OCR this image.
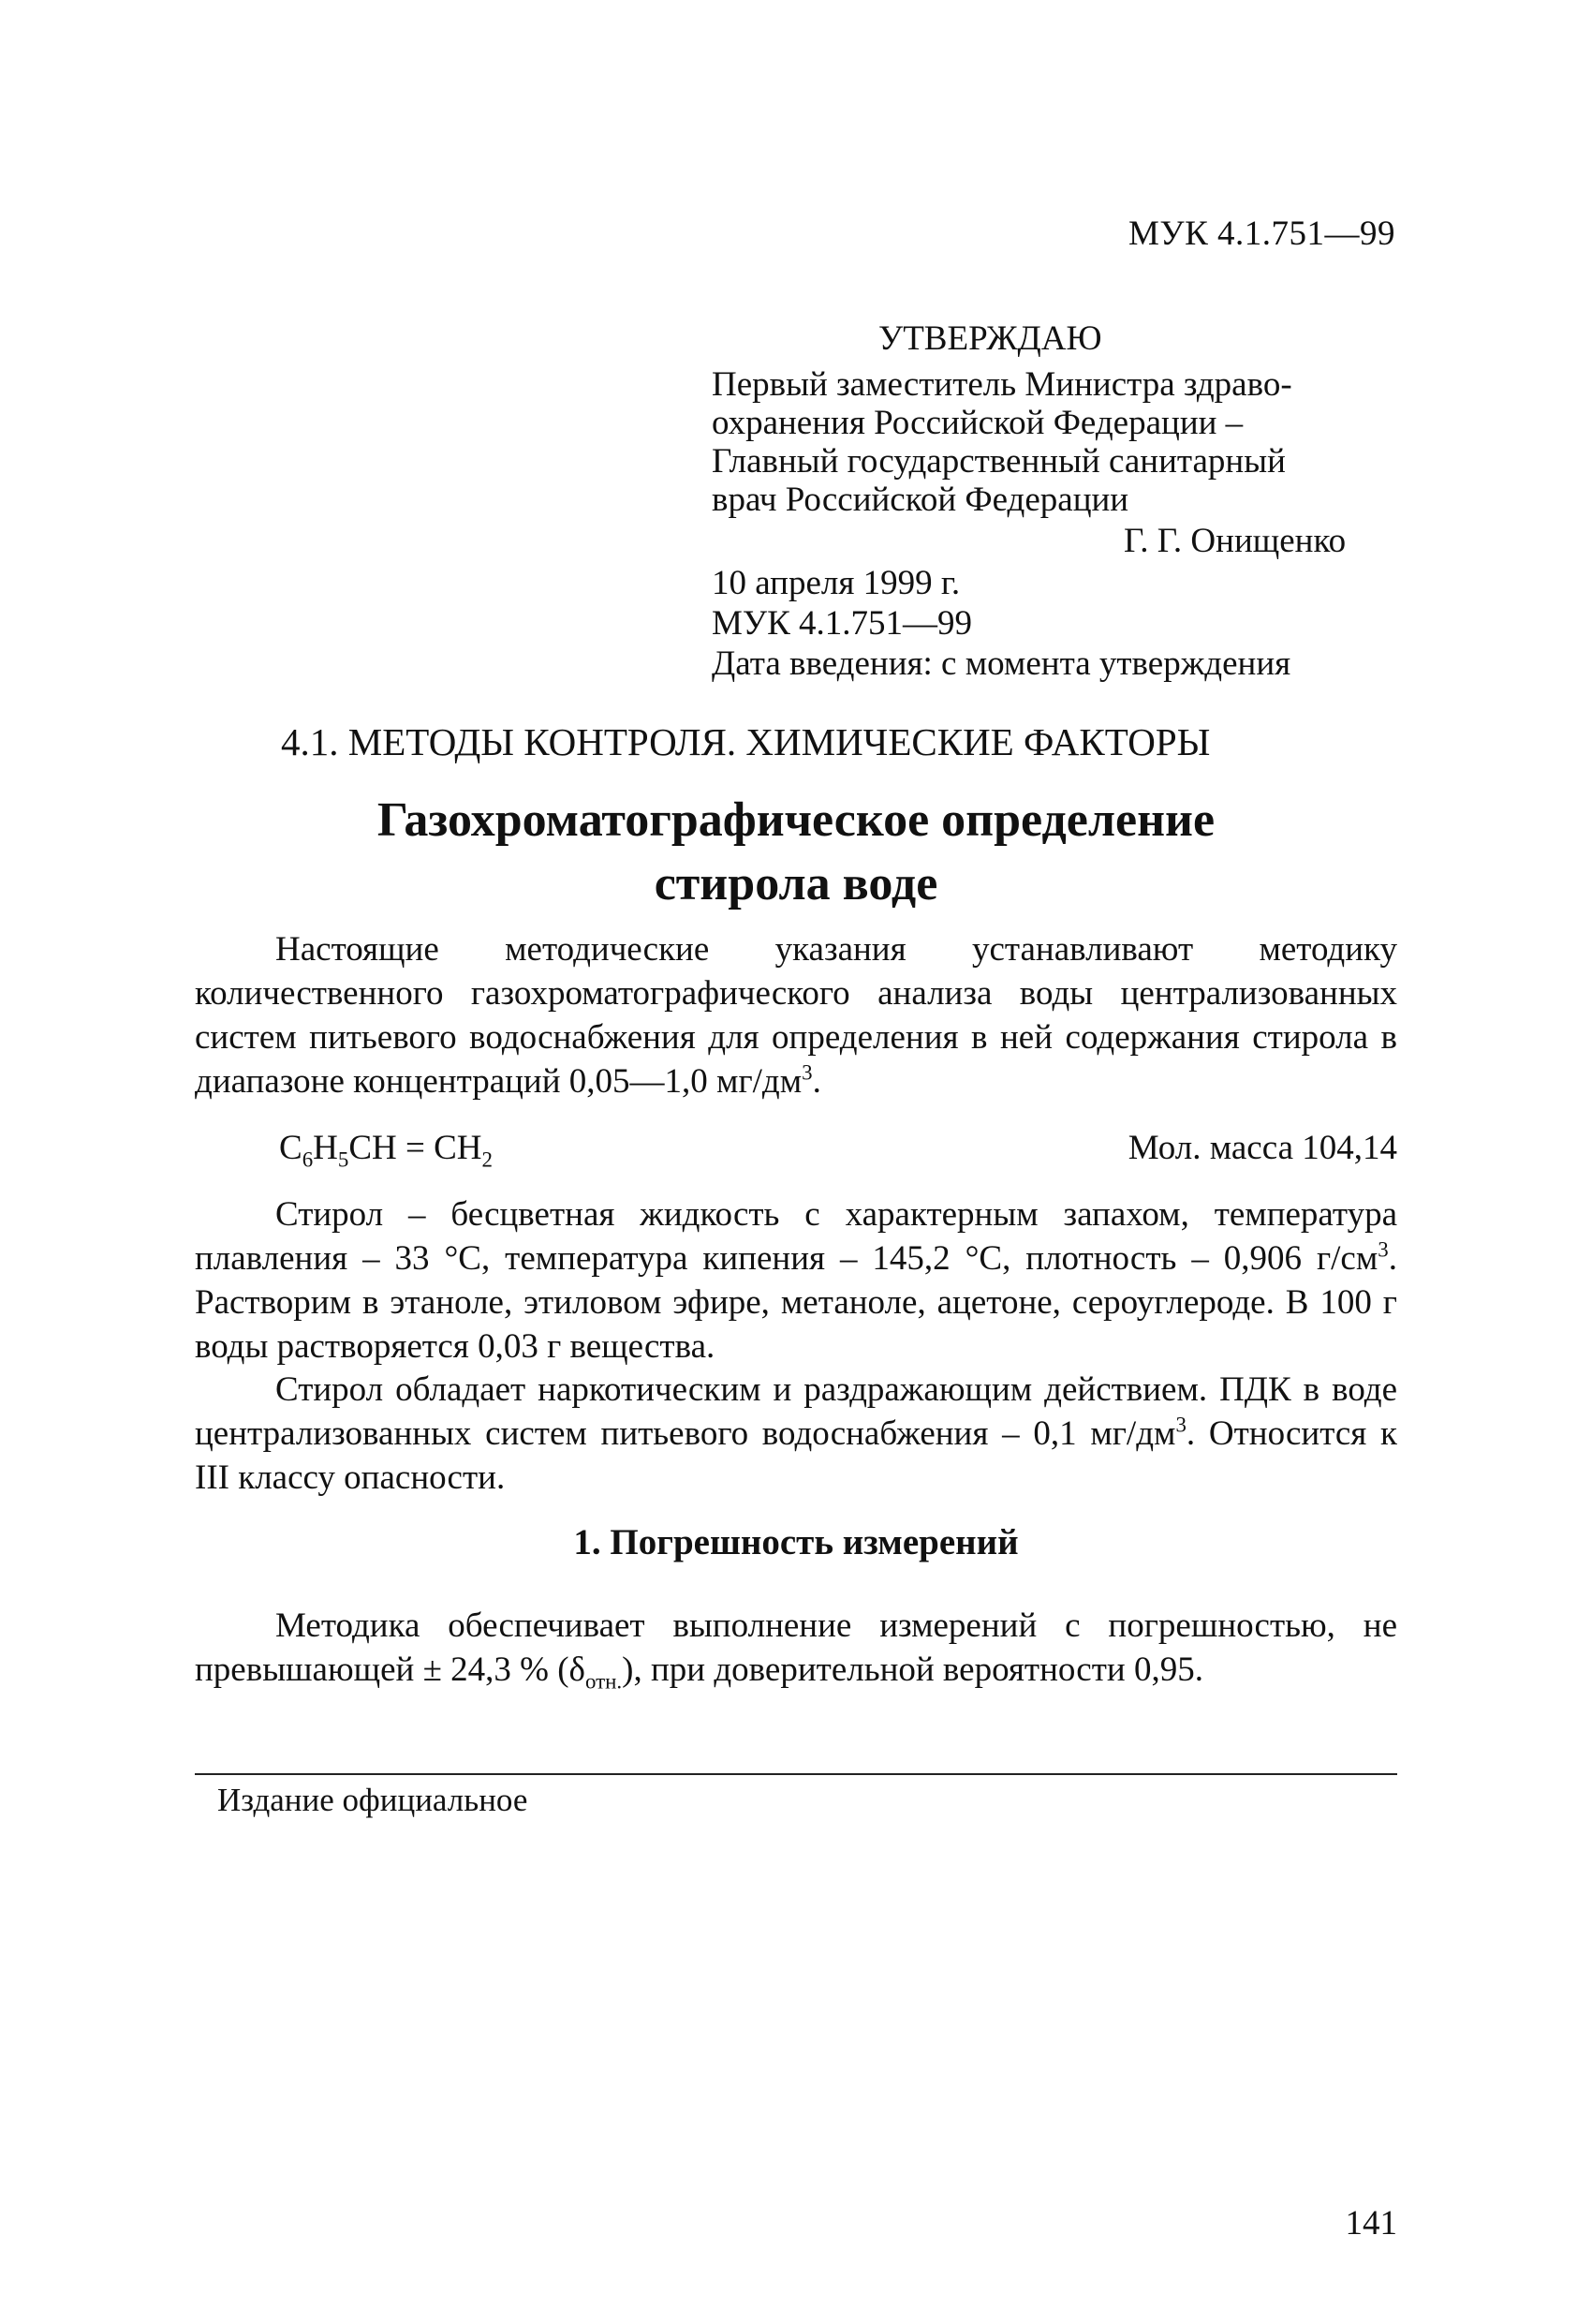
МУК 4.1.751—99
УТВЕРЖДАЮ
Первый заместитель Министра здраво-
охранения Российской Федерации –
Главный государственный санитарный
врач Российской Федерации
Г. Г. Онищенко
10 апреля 1999 г.
МУК 4.1.751—99
Дата введения: с момента утверждения
4.1. МЕТОДЫ КОНТРОЛЯ. ХИМИЧЕСКИЕ ФАКТОРЫ
Газохроматографическое определение
стирола воде

Настоящие методические указания устанавливают методику количественного газохроматографического анализа воды централизованных систем питьевого водоснабжения для определения в ней содержания стирола в диапазоне концентраций 0,05—1,0 $мг/дм^3$.

$C_6H_5CH = CH_2$	Мол. масса 104,14

Стирол – бесцветная жидкость с характерным запахом, температура плавления – 33 °С, температура кипения – 145,2 °С, плотность – 0,906 $г/см^3$. Растворим в этаноле, этиловом эфире, метаноле, ацетоне, сероуглероде. В 100 г воды растворяется 0,03 г вещества.

Стирол обладает наркотическим и раздражающим действием. ПДК в воде централизованных систем питьевого водоснабжения – 0,1 $мг/дм^3$. Относится к III классу опасности.

1. Погрешность измерений

Методика обеспечивает выполнение измерений с погрешностью, не превышающей ± 24,3 % $(\delta_{отн.})$, при доверительной вероятности 0,95.

Издание официальное
141
